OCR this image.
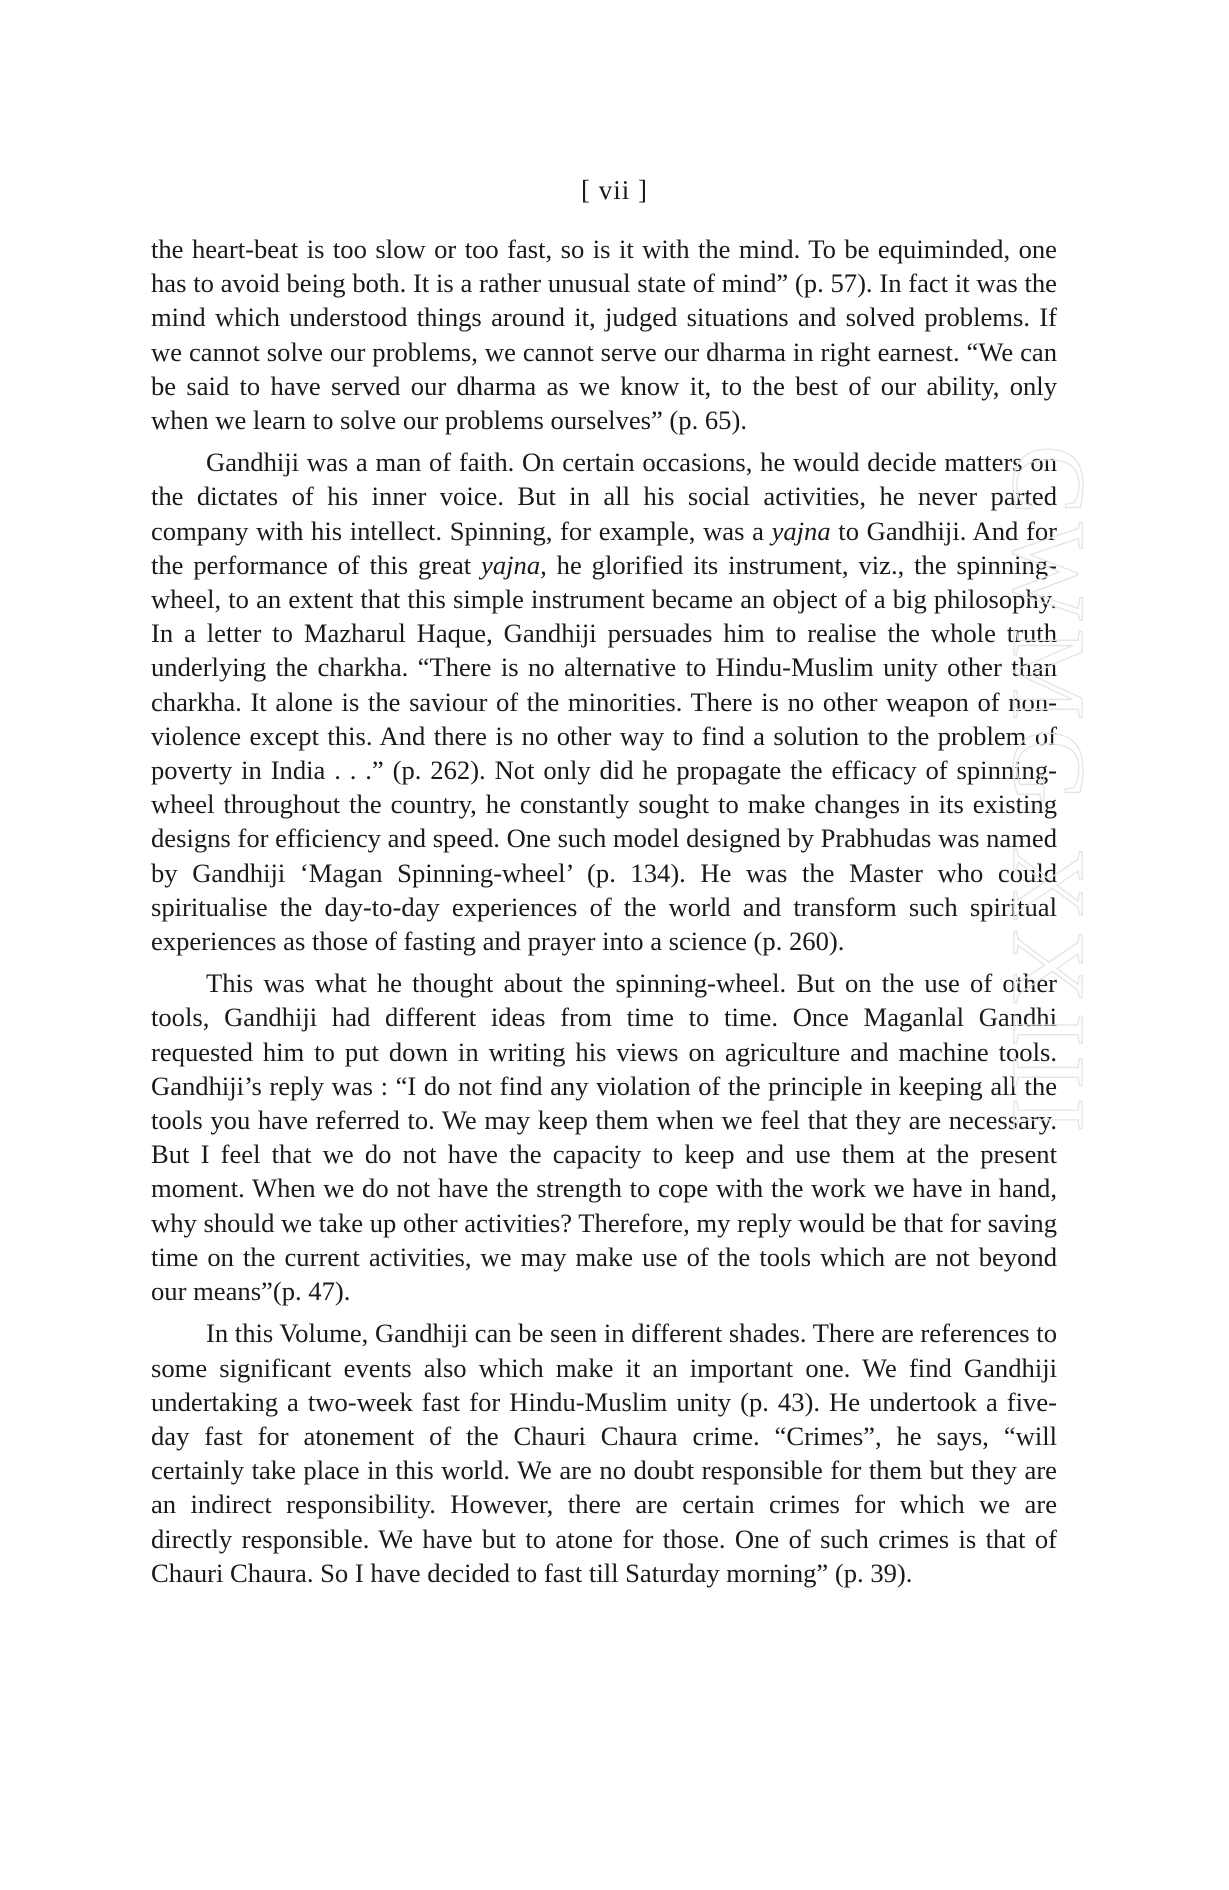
[ vii ]

the heart-beat is too slow or too fast, so is it with the mind. To be equiminded, one has to avoid being both. It is a rather unusual state of mind” (p. 57). In fact it was the mind which understood things around it, judged situations and solved problems. If we cannot solve our problems, we cannot serve our dharma in right earnest. “We can be said to have served our dharma as we know it, to the best of our ability, only when we learn to solve our problems ourselves” (p. 65).

Gandhiji was a man of faith. On certain occasions, he would decide matters on the dictates of his inner voice. But in all his social activities, he never parted company with his intellect. Spinning, for example, was a yajna to Gandhiji. And for the performance of this great yajna, he glorified its instrument, viz., the spinning-wheel, to an extent that this simple instrument became an object of a big philosophy. In a letter to Mazharul Haque, Gandhiji persuades him to realise the whole truth underlying the charkha. “There is no alternative to Hindu-Muslim unity other than charkha. It alone is the saviour of the minorities. There is no other weapon of non-violence except this. And there is no other way to find a solution to the problem of poverty in India . . .” (p. 262). Not only did he propagate the efficacy of spinning-wheel throughout the country, he constantly sought to make changes in its existing designs for efficiency and speed. One such model designed by Prabhudas was named by Gandhiji ‘Magan Spinning-wheel’ (p. 134). He was the Master who could spiritualise the day-to-day experiences of the world and transform such spiritual experiences as those of fasting and prayer into a science (p. 260).

This was what he thought about the spinning-wheel. But on the use of other tools, Gandhiji had different ideas from time to time. Once Maganlal Gandhi requested him to put down in writing his views on agriculture and machine tools. Gandhiji’s reply was : “I do not find any violation of the principle in keeping all the tools you have referred to. We may keep them when we feel that they are necessary. But I feel that we do not have the capacity to keep and use them at the present moment. When we do not have the strength to cope with the work we have in hand, why should we take up other activities? Therefore, my reply would be that for saving time on the current activities, we may make use of the tools which are not beyond our means”(p. 47).

In this Volume, Gandhiji can be seen in different shades. There are references to some significant events also which make it an important one. We find Gandhiji undertaking a two-week fast for Hindu-Muslim unity (p. 43). He undertook a five-day fast for atonement of the Chauri Chaura crime. “Crimes”, he says, “will certainly take place in this world. We are no doubt responsible for them but they are an indirect responsibility. However, there are certain crimes for which we are directly responsible. We have but to atone for those. One of such crimes is that of Chauri Chaura. So I have decided to fast till Saturday morning” (p. 39).

CWMG XXIII
